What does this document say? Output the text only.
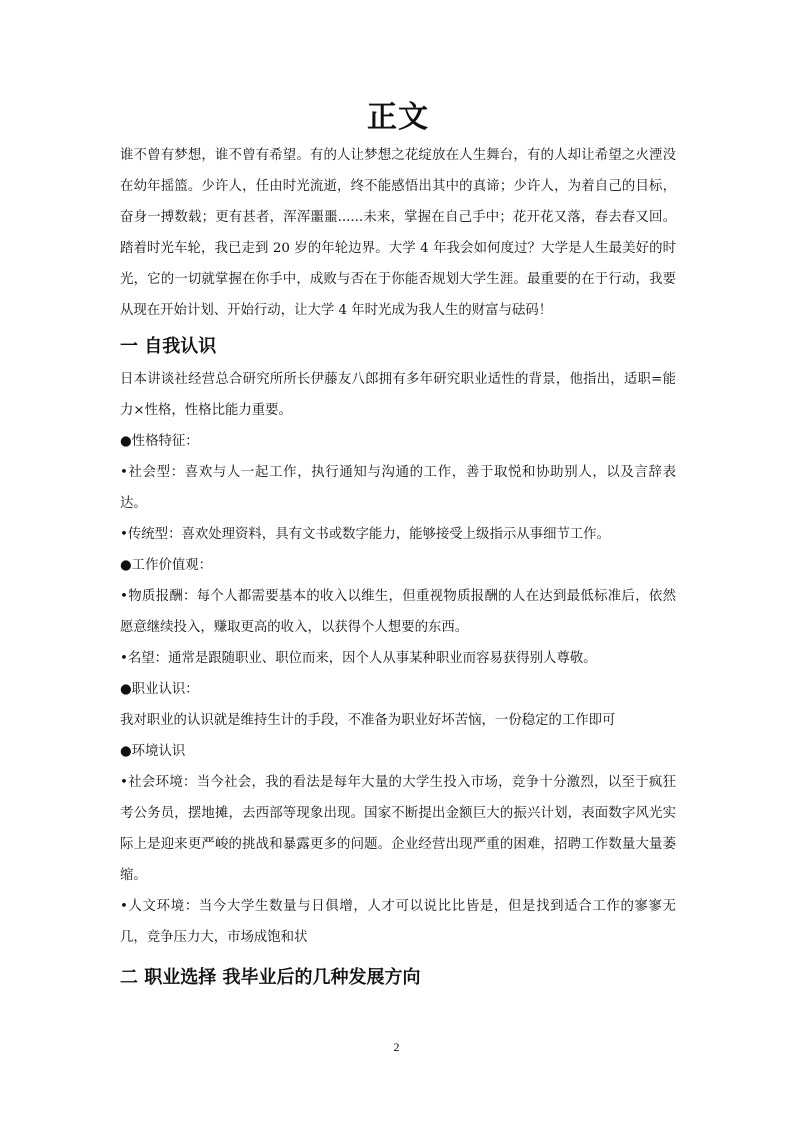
正文

谁不曾有梦想，谁不曾有希望。有的人让梦想之花绽放在人生舞台，有的人却让希望之火湮没在幼年摇篮。少许人，任由时光流逝，终不能感悟出其中的真谛；少许人，为着自己的目标，奋身一搏数载；更有甚者，浑浑噩噩......未来，掌握在自己手中；花开花又落，春去春又回。踏着时光车轮，我已走到 20 岁的年轮边界。大学 4 年我会如何度过？大学是人生最美好的时光，它的一切就掌握在你手中，成败与否在于你能否规划大学生涯。最重要的在于行动，我要从现在开始计划、开始行动，让大学 4 年时光成为我人生的财富与砝码！

一 自我认识

日本讲谈社经营总合研究所所长伊藤友八郎拥有多年研究职业适性的背景，他指出，适职=能力×性格，性格比能力重要。

●性格特征：

•社会型：喜欢与人一起工作，执行通知与沟通的工作，善于取悦和协助别人，以及言辞表达。

•传统型：喜欢处理资料，具有文书或数字能力，能够接受上级指示从事细节工作。

●工作价值观：

•物质报酬：每个人都需要基本的收入以维生，但重视物质报酬的人在达到最低标准后，依然愿意继续投入，赚取更高的收入，以获得个人想要的东西。

•名望：通常是跟随职业、职位而来，因个人从事某种职业而容易获得别人尊敬。

●职业认识：

我对职业的认识就是维持生计的手段，不准备为职业好坏苦恼，一份稳定的工作即可

●环境认识

•社会环境：当今社会，我的看法是每年大量的大学生投入市场，竞争十分激烈，以至于疯狂考公务员，摆地摊，去西部等现象出现。国家不断提出金额巨大的振兴计划，表面数字风光实际上是迎来更严峻的挑战和暴露更多的问题。企业经营出现严重的困难，招聘工作数量大量萎缩。

•人文环境：当今大学生数量与日俱增，人才可以说比比皆是，但是找到适合工作的寥寥无几，竞争压力大，市场成饱和状

二 职业选择 我毕业后的几种发展方向
2
